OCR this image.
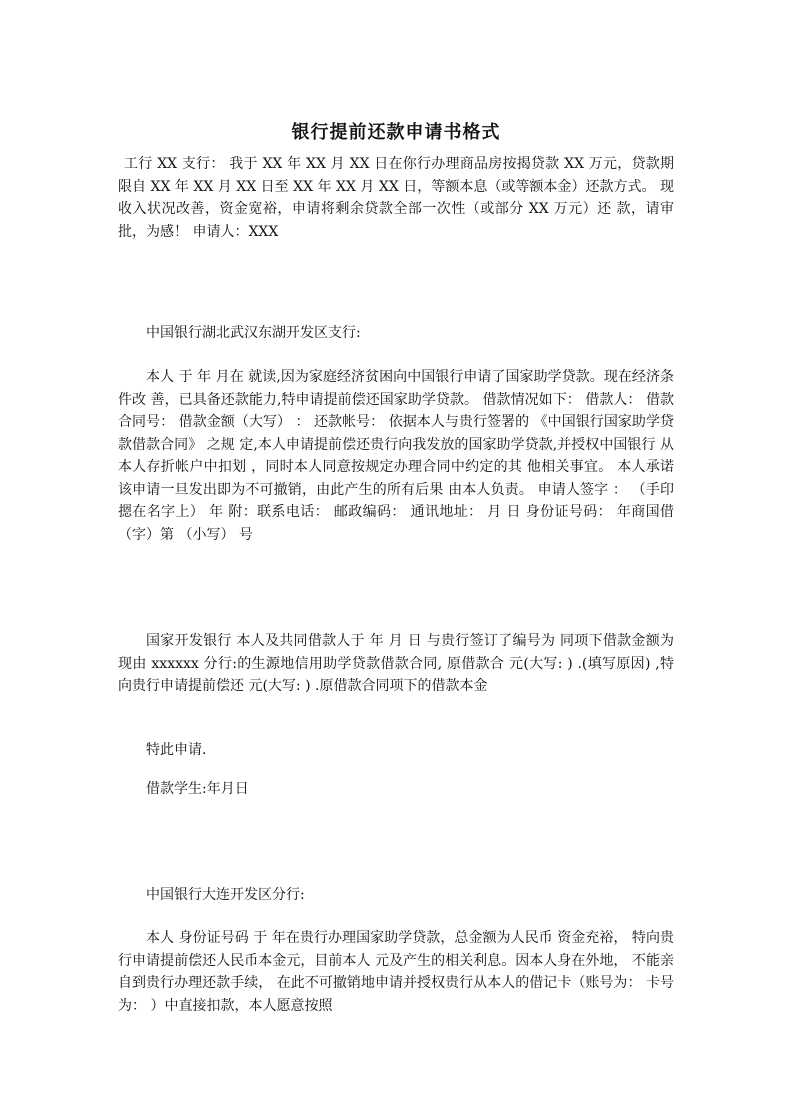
银行提前还款申请书格式
工行 XX 支行： 我于 XX 年 XX 月 XX 日在你行办理商品房按揭贷款 XX 万元，贷款期限自 XX 年 XX 月 XX 日至 XX 年 XX 月 XX 日，等额本息（或等额本金）还款方式。 现收入状况改善，资金宽裕，申请将剩余贷款全部一次性（或部分 XX 万元）还 款，请审批，为感！ 申请人：XXX
中国银行湖北武汉东湖开发区支行:
本人 于 年 月在 就读,因为家庭经济贫困向中国银行申请了国家助学贷款。现在经济条件改 善，已具备还款能力,特申请提前偿还国家助学贷款。 借款情况如下： 借款人： 借款合同号： 借款金额（大写） ： 还款帐号： 依据本人与贵行签署的 《中国银行国家助学贷款借款合同》 之规 定,本人申请提前偿还贵行向我发放的国家助学贷款,并授权中国银行 从本人存折帐户中扣划 ，同时本人同意按规定办理合同中约定的其 他相关事宜。 本人承诺该申请一旦发出即为不可撤销，由此产生的所有后果 由本人负责。 申请人签字 ： （手印摁在名字上） 年 附：联系电话： 邮政编码： 通讯地址： 月 日 身份证号码： 年商国借（字）第 （小写） 号
国家开发银行 本人及共同借款人于 年 月 日 与贵行签订了编号为 同项下借款金额为 现由 xxxxxx 分行:的生源地信用助学贷款借款合同, 原借款合 元(大写: ) .(填写原因) ,特向贵行申请提前偿还 元(大写: ) .原借款合同项下的借款本金
特此申请.
借款学生:年月日
中国银行大连开发区分行:
本人 身份证号码 于 年在贵行办理国家助学贷款，总金额为人民币 资金充裕， 特向贵行申请提前偿还人民币本金元，目前本人 元及产生的相关利息。因本人身在外地， 不能亲自到贵行办理还款手续， 在此不可撤销地申请并授权贵行从本人的借记卡（账号为： 卡号为： ）中直接扣款，本人愿意按照
